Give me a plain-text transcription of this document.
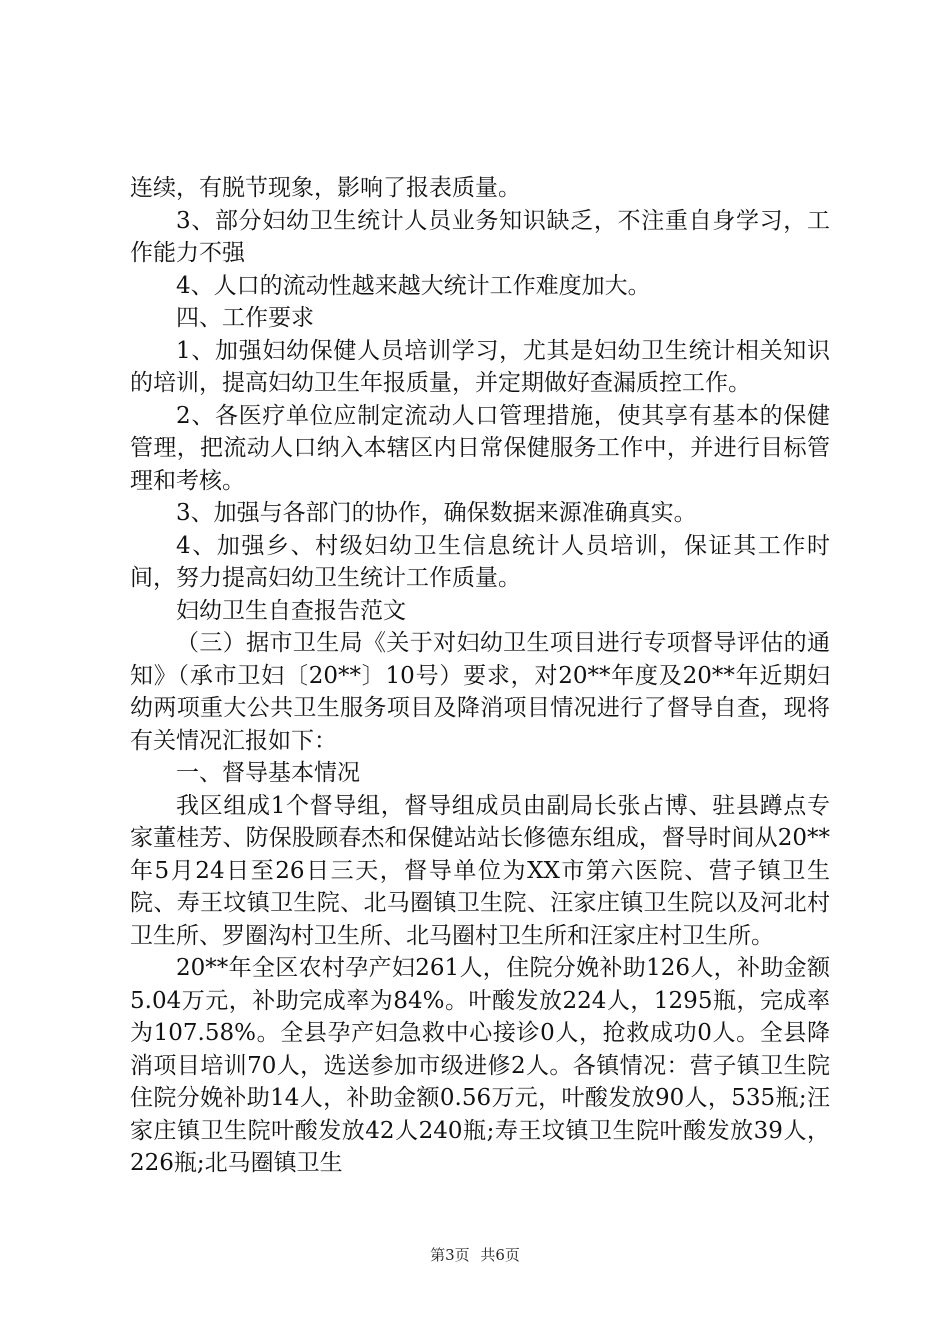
连续，有脱节现象，影响了报表质量。

3、部分妇幼卫生统计人员业务知识缺乏，不注重自身学习，工作能力不强

4、人口的流动性越来越大统计工作难度加大。

四、工作要求

1、加强妇幼保健人员培训学习，尤其是妇幼卫生统计相关知识的培训，提高妇幼卫生年报质量，并定期做好查漏质控工作。

2、各医疗单位应制定流动人口管理措施，使其享有基本的保健管理，把流动人口纳入本辖区内日常保健服务工作中，并进行目标管理和考核。

3、加强与各部门的协作，确保数据来源准确真实。

4、加强乡、村级妇幼卫生信息统计人员培训，保证其工作时间，努力提高妇幼卫生统计工作质量。

妇幼卫生自查报告范文

（三）据市卫生局《关于对妇幼卫生项目进行专项督导评估的通知》（承市卫妇〔20**〕10号）要求，对20**年度及20**年近期妇幼两项重大公共卫生服务项目及降消项目情况进行了督导自查，现将有关情况汇报如下：

一、督导基本情况

我区组成1个督导组，督导组成员由副局长张占博、驻县蹲点专家董桂芳、防保股顾春杰和保健站站长修德东组成，督导时间从20**年5月24日至26日三天，督导单位为XX市第六医院、营子镇卫生院、寿王坟镇卫生院、北马圈镇卫生院、汪家庄镇卫生院以及河北村卫生所、罗圈沟村卫生所、北马圈村卫生所和汪家庄村卫生所。

20**年全区农村孕产妇261人，住院分娩补助126人，补助金额5.04万元，补助完成率为84%。叶酸发放224人，1295瓶，完成率为107.58%。全县孕产妇急救中心接诊0人，抢救成功0人。全县降消项目培训70人，选送参加市级进修2人。各镇情况：营子镇卫生院住院分娩补助14人，补助金额0.56万元，叶酸发放90人，535瓶;汪家庄镇卫生院叶酸发放42人240瓶;寿王坟镇卫生院叶酸发放39人，226瓶;北马圈镇卫生

第3页 共6页
